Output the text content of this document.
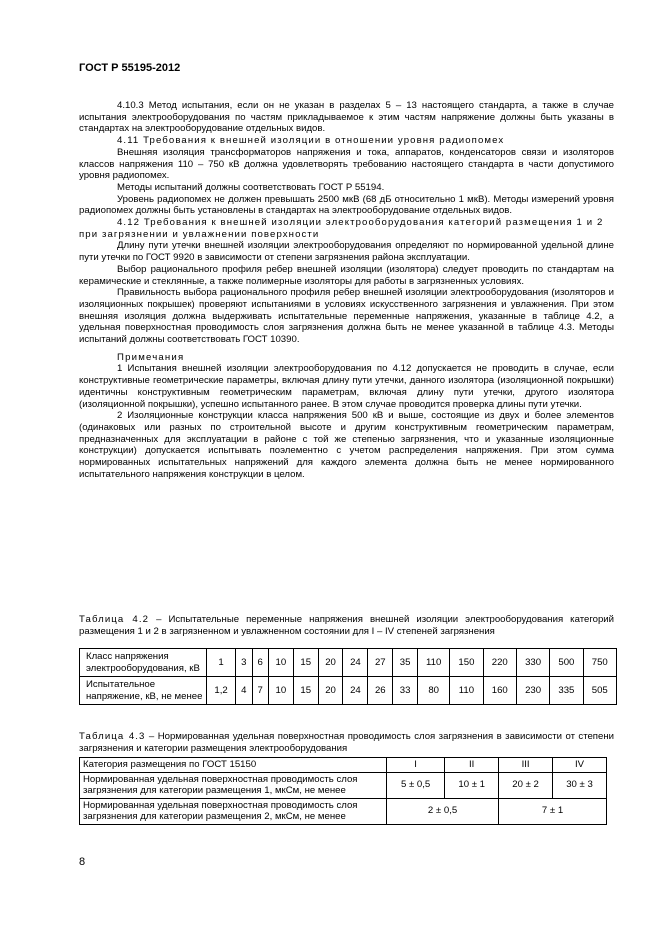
ГОСТ Р 55195-2012

4.10.3 Метод испытания, если он не указан в разделах 5 – 13 настоящего стандарта, а также в случае испытания электрооборудования по частям прикладываемое к этим частям напряжение должны быть указаны в стандартах на электрооборудование отдельных видов.

4.11 Требования к внешней изоляции в отношении уровня радиопомех

Внешняя изоляция трансформаторов напряжения и тока, аппаратов, конденсаторов связи и изоляторов классов напряжения 110 – 750 кВ должна удовлетворять требованию настоящего стандарта в части допустимого уровня радиопомех.

Методы испытаний должны соответствовать ГОСТ Р 55194.

Уровень радиопомех не должен превышать 2500 мкВ (68 дБ относительно 1 мкВ). Методы измерений уровня радиопомех должны быть установлены в стандартах на электрооборудование отдельных видов.

4.12 Требования к внешней изоляции электрооборудования категорий размещения 1 и 2 при загрязнении и увлажнении поверхности

Длину пути утечки внешней изоляции электрооборудования определяют по нормированной удельной длине пути утечки по ГОСТ 9920 в зависимости от степени загрязнения района эксплуатации.

Выбор рационального профиля ребер внешней изоляции (изолятора) следует проводить по стандартам на керамические и стеклянные, а также полимерные изоляторы для работы в загрязненных условиях.

Правильность выбора рационального профиля ребер внешней изоляции электрооборудования (изоляторов и изоляционных покрышек) проверяют испытаниями в условиях искусственного загрязнения и увлажнения. При этом внешняя изоляция должна выдерживать испытательные переменные напряжения, указанные в таблице 4.2, а удельная поверхностная проводимость слоя загрязнения должна быть не менее указанной в таблице 4.3. Методы испытаний должны соответствовать ГОСТ 10390.

Примечания

1 Испытания внешней изоляции электрооборудования по 4.12 допускается не проводить в случае, если конструктивные геометрические параметры, включая длину пути утечки, данного изолятора (изоляционной покрышки) идентичны конструктивным геометрическим параметрам, включая длину пути утечки, другого изолятора (изоляционной покрышки), успешно испытанного ранее. В этом случае проводится проверка длины пути утечки.

2 Изоляционные конструкции класса напряжения 500 кВ и выше, состоящие из двух и более элементов (одинаковых или разных по строительной высоте и другим конструктивным геометрическим параметрам, предназначенных для эксплуатации в районе с той же степенью загрязнения, что и указанные изоляционные конструкции) допускается испытывать поэлементно с учетом распределения напряжения. При этом сумма нормированных испытательных напряжений для каждого элемента должна быть не менее нормированного испытательного напряжения конструкции в целом.

Таблица 4.2 – Испытательные переменные напряжения внешней изоляции электрооборудования категорий размещения 1 и 2 в загрязненном и увлажненном состоянии для I – IV степеней загрязнения

Класс напряжения электрооборудования, кВ	1	3	6	10	15	20	24	27	35	110	150	220	330	500	750
Испытательное напряжение, кВ, не менее	1,2	4	7	10	15	20	24	26	33	80	110	160	230	335	505

Таблица 4.3 – Нормированная удельная поверхностная проводимость слоя загрязнения в зависимости от степени загрязнения и категории размещения электрооборудования

Категория размещения по ГОСТ 15150	I	II	III	IV
Нормированная удельная поверхностная проводимость слоя загрязнения для категории размещения 1, мкСм, не менее	5 ± 0,5	10 ± 1	20 ± 2	30 ± 3
Нормированная удельная поверхностная проводимость слоя загрязнения для категории размещения 2, мкСм, не менее	2 ± 0,5		7 ± 1	
8
